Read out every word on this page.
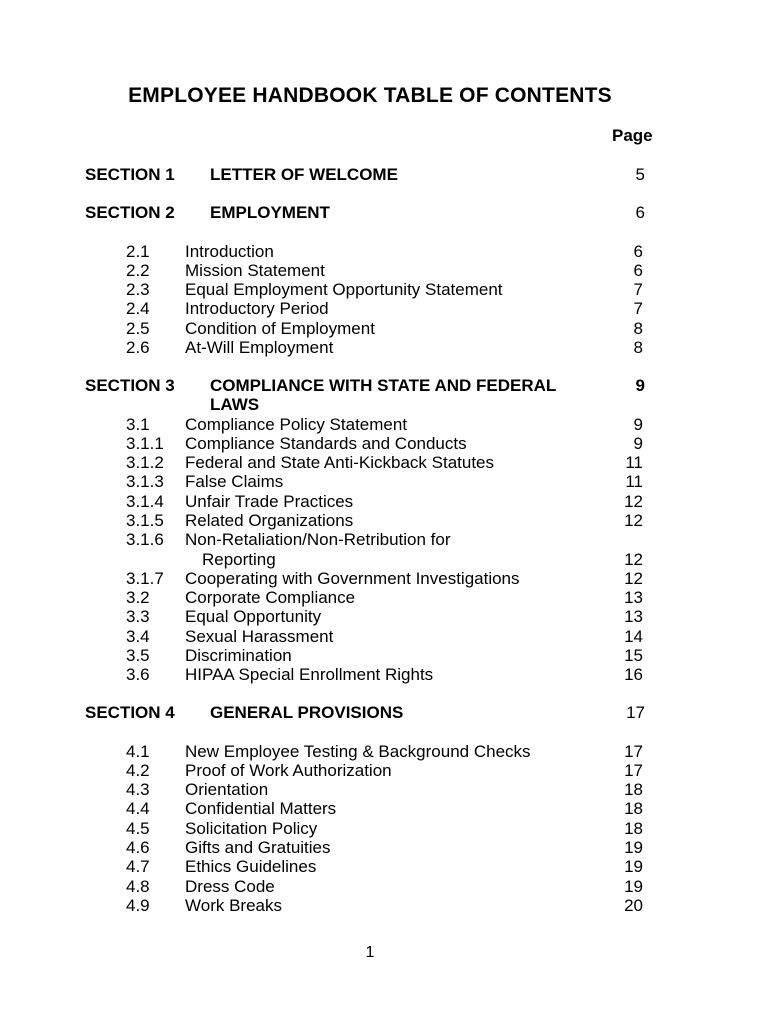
EMPLOYEE HANDBOOK TABLE OF CONTENTS
Page
SECTION 1 LETTER OF WELCOME	5
SECTION 2 EMPLOYMENT	6
2.1 Introduction	6
2.2 Mission Statement	6
2.3 Equal Employment Opportunity Statement	7
2.4 Introductory Period	7
2.5 Condition of Employment	8
2.6 At-Will Employment	8
SECTION 3 COMPLIANCE WITH STATE AND FEDERAL	9
LAWS
3.1 Compliance Policy Statement	9
3.1.1 Compliance Standards and Conducts	9
3.1.2 Federal and State Anti-Kickback Statutes	11
3.1.3 False Claims	11
3.1.4 Unfair Trade Practices	12
3.1.5 Related Organizations	12
3.1.6 Non-Retaliation/Non-Retribution for
Reporting	12
3.1.7 Cooperating with Government Investigations	12
3.2 Corporate Compliance	13
3.3 Equal Opportunity	13
3.4 Sexual Harassment	14
3.5 Discrimination	15
3.6 HIPAA Special Enrollment Rights	16
SECTION 4 GENERAL PROVISIONS	17
4.1 New Employee Testing & Background Checks	17
4.2 Proof of Work Authorization	17
4.3 Orientation	18
4.4 Confidential Matters	18
4.5 Solicitation Policy	18
4.6 Gifts and Gratuities	19
4.7 Ethics Guidelines	19
4.8 Dress Code	19
4.9 Work Breaks	20
1
